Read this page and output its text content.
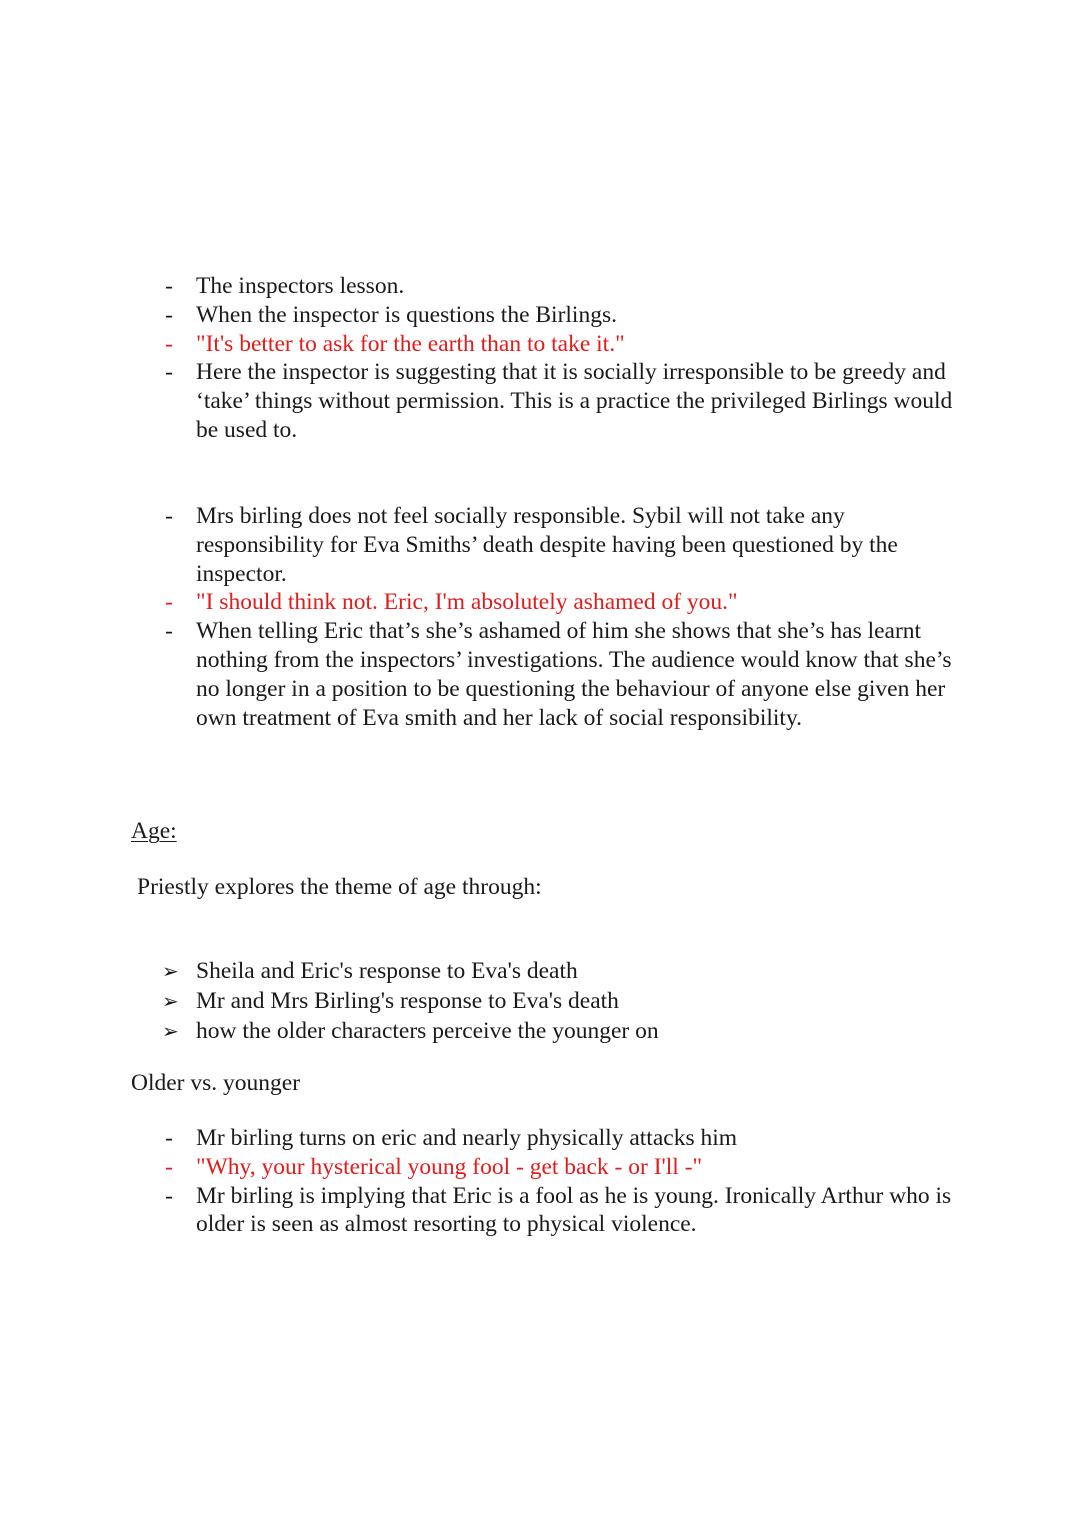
- The inspectors lesson.
- When the inspector is questions the Birlings.
- "It's better to ask for the earth than to take it."
- Here the inspector is suggesting that it is socially irresponsible to be greedy and ‘take’ things without permission. This is a practice the privileged Birlings would be used to.
- Mrs birling does not feel socially responsible. Sybil will not take any responsibility for Eva Smiths’ death despite having been questioned by the inspector.
- "I should think not. Eric, I'm absolutely ashamed of you."
- When telling Eric that’s she’s ashamed of him she shows that she’s has learnt nothing from the inspectors’ investigations. The audience would know that she’s no longer in a position to be questioning the behaviour of anyone else given her own treatment of Eva smith and her lack of social responsibility.
Age:
Priestly explores the theme of age through:
➢ Sheila and Eric's response to Eva's death
➢ Mr and Mrs Birling's response to Eva's death
➢ how the older characters perceive the younger on
Older vs. younger
- Mr birling turns on eric and nearly physically attacks him
- "Why, your hysterical young fool - get back - or I'll -"
- Mr birling is implying that Eric is a fool as he is young. Ironically Arthur who is older is seen as almost resorting to physical violence.
